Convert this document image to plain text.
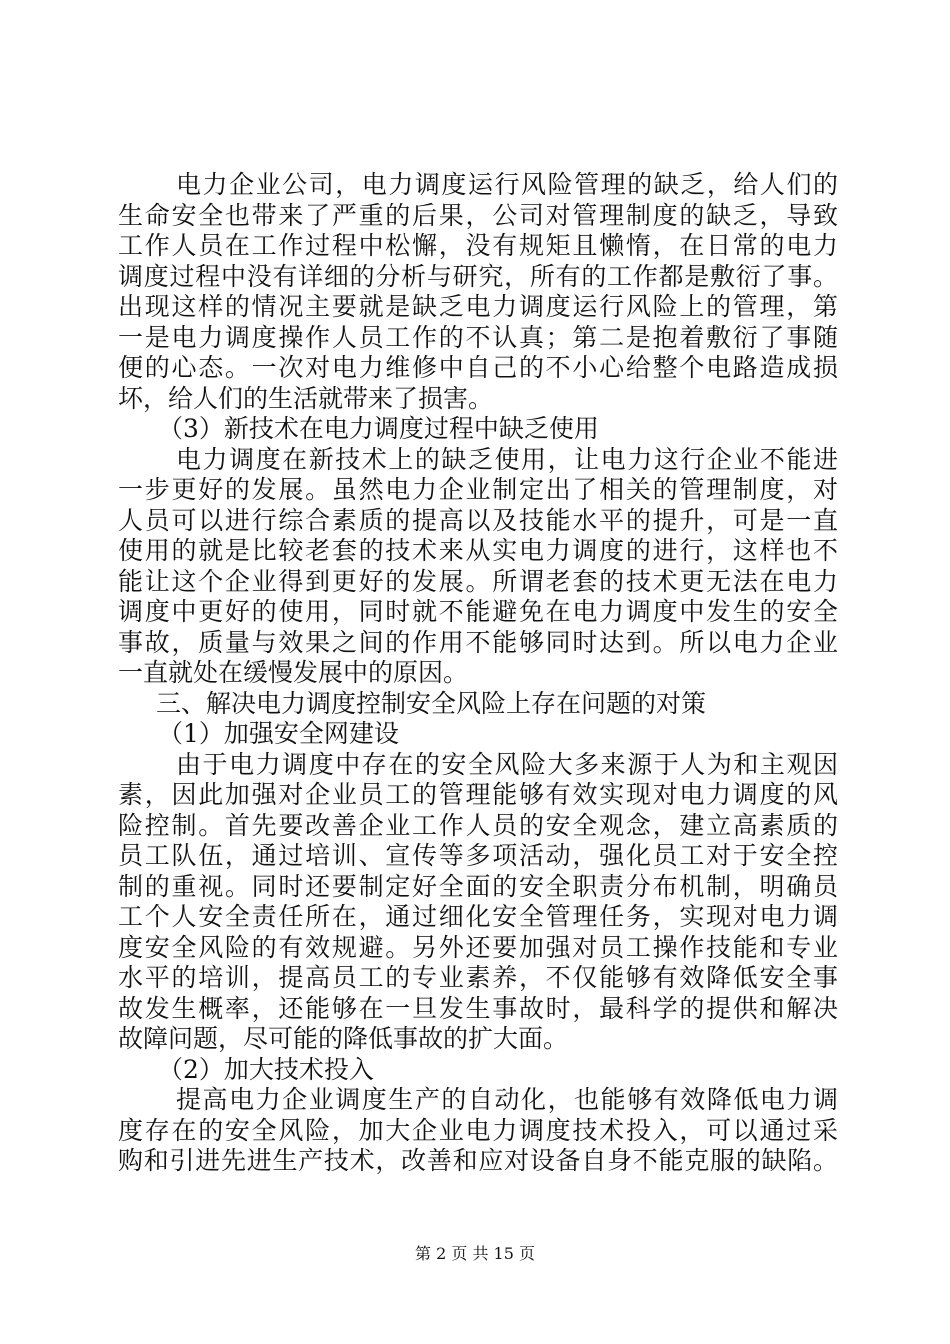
电力企业公司，电力调度运行风险管理的缺乏，给人们的
生命安全也带来了严重的后果，公司对管理制度的缺乏，导致
工作人员在工作过程中松懈，没有规矩且懒惰，在日常的电力
调度过程中没有详细的分析与研究，所有的工作都是敷衍了事。
出现这样的情况主要就是缺乏电力调度运行风险上的管理，第
一是电力调度操作人员工作的不认真；第二是抱着敷衍了事随
便的心态。一次对电力维修中自己的不小心给整个电路造成损
坏，给人们的生活就带来了损害。
（3）新技术在电力调度过程中缺乏使用
电力调度在新技术上的缺乏使用，让电力这行企业不能进
一步更好的发展。虽然电力企业制定出了相关的管理制度，对
人员可以进行综合素质的提高以及技能水平的提升，可是一直
使用的就是比较老套的技术来从实电力调度的进行，这样也不
能让这个企业得到更好的发展。所谓老套的技术更无法在电力
调度中更好的使用，同时就不能避免在电力调度中发生的安全
事故，质量与效果之间的作用不能够同时达到。所以电力企业
一直就处在缓慢发展中的原因。
三、解决电力调度控制安全风险上存在问题的对策
（1）加强安全网建设
由于电力调度中存在的安全风险大多来源于人为和主观因
素，因此加强对企业员工的管理能够有效实现对电力调度的风
险控制。首先要改善企业工作人员的安全观念，建立高素质的
员工队伍，通过培训、宣传等多项活动，强化员工对于安全控
制的重视。同时还要制定好全面的安全职责分布机制，明确员
工个人安全责任所在，通过细化安全管理任务，实现对电力调
度安全风险的有效规避。另外还要加强对员工操作技能和专业
水平的培训，提高员工的专业素养，不仅能够有效降低安全事
故发生概率，还能够在一旦发生事故时，最科学的提供和解决
故障问题，尽可能的降低事故的扩大面。
（2）加大技术投入
提高电力企业调度生产的自动化，也能够有效降低电力调
度存在的安全风险，加大企业电力调度技术投入，可以通过采
购和引进先进生产技术，改善和应对设备自身不能克服的缺陷。
第 2 页 共 15 页
